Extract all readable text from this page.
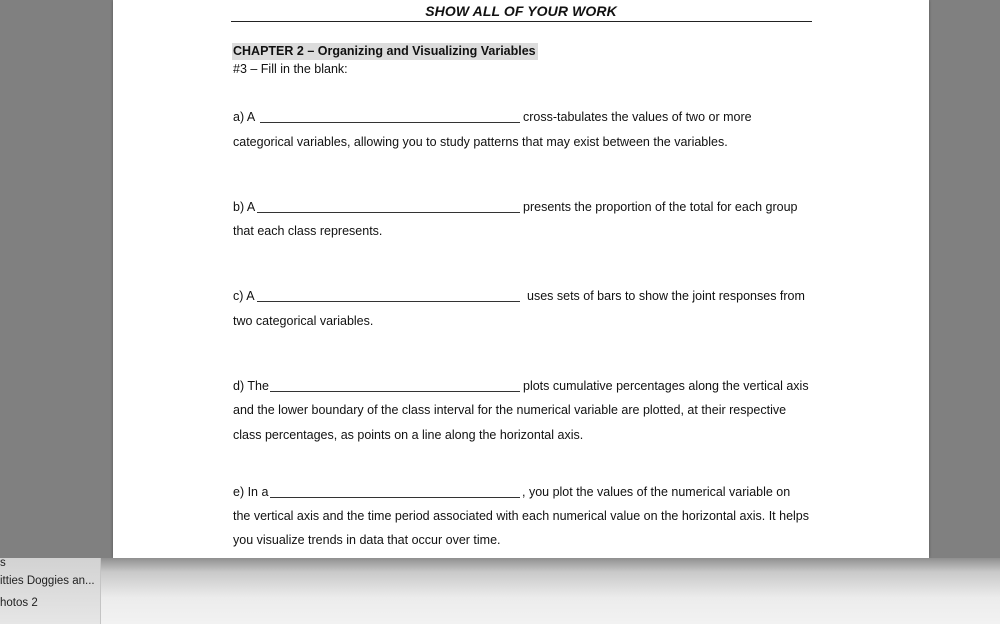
SHOW ALL OF YOUR WORK
CHAPTER 2 – Organizing and Visualizing Variables
#3 – Fill in the blank:
a) A	cross-tabulates the values of two or more
categorical variables, allowing you to study patterns that may exist between the variables.
b) A	presents the proportion of the total for each group
that each class represents.
c) A	uses sets of bars to show the joint responses from
two categorical variables.
d) The	plots cumulative percentages along the vertical axis
and the lower boundary of the class interval for the numerical variable are plotted, at their respective
class percentages, as points on a line along the horizontal axis.
e) In a	, you plot the values of the numerical variable on
the vertical axis and the time period associated with each numerical value on the horizontal axis. It helps
you visualize trends in data that occur over time.
s
itties Doggies an...
hotos 2
